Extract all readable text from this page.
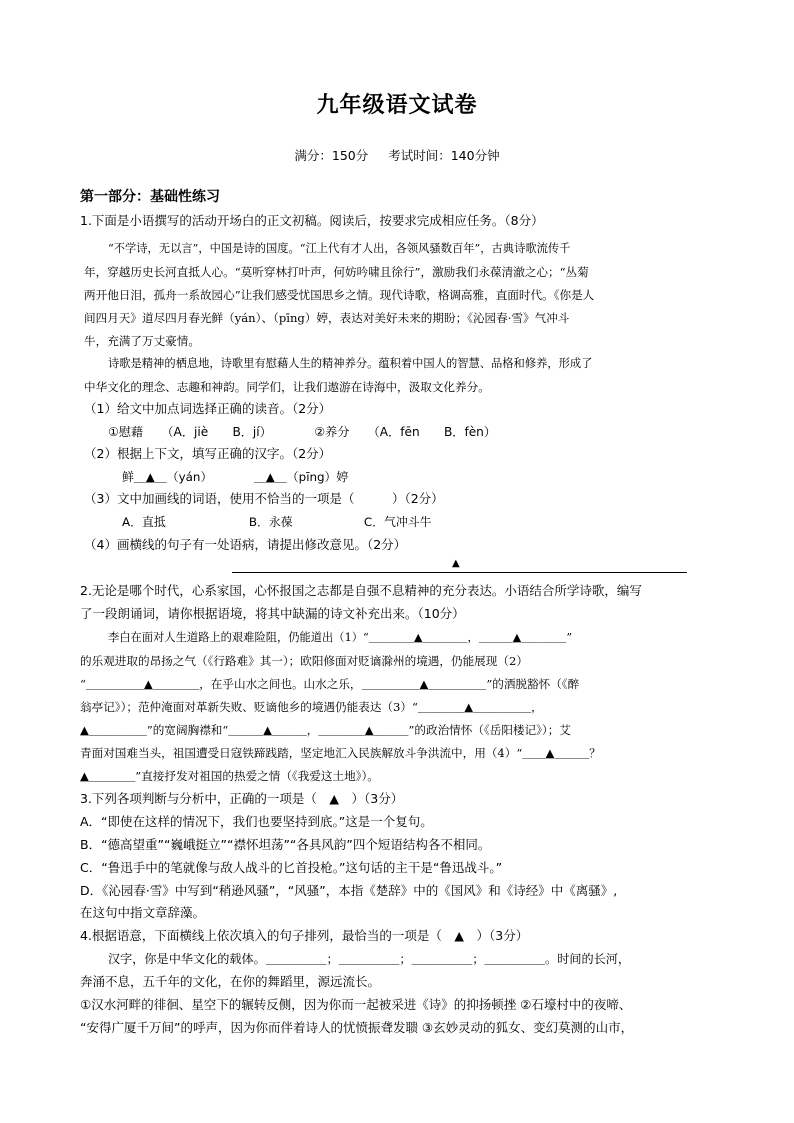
九年级语文试卷
满分：150分 考试时间：140分钟
第一部分：基础性练习
1.下面是小语撰写的活动开场白的正文初稿。阅读后，按要求完成相应任务。（8分）
“不学诗，无以言”，中国是诗的国度。“江上代有才人出，各领风骚数百年”，古典诗歌流传千
年，穿越历史长河直抵人心。“莫听穿林打叶声，何妨吟啸且徐行”，激励我们永葆清澈之心；“丛菊
两开他日泪，孤舟一系故园心”让我们感受忧国思乡之情。现代诗歌，格调高雅，直面时代。《你是人
间四月天》道尽四月春光鲜（yán）、（pīng）婷，表达对美好未来的期盼；《沁园春·雪》气冲斗
牛，充满了万丈豪情。
诗歌是精神的栖息地，诗歌里有慰藉人生的精神养分。蕴积着中国人的智慧、品格和修养，形成了
中华文化的理念、志趣和神韵。同学们，让我们遨游在诗海中，汲取文化养分。
（1）给文中加点词选择正确的读音。（2分）
①慰藉　　（A．jiè　　B．jí）　　　　②养分　　（A．fēn　　B．fèn）
（2）根据上下文，填写正确的汉字。（2分）
鲜＿▲＿（yán）　　　　＿▲＿（pīng）婷
（3）文中加画线的词语，使用不恰当的一项是（　　　）（2分）
A．直抵　　　　　　　B．永葆　　　　　　C．气冲斗牛
（4）画横线的句子有一处语病，请提出修改意见。（2分）
▲
2.无论是哪个时代，心系家国，心怀报国之志都是自强不息精神的充分表达。小语结合所学诗歌，编写
了一段朗诵词，请你根据语境，将其中缺漏的诗文补充出来。（10分）
李白在面对人生道路上的艰难险阻，仍能道出（1）“＿＿＿＿▲＿＿＿＿，＿＿＿▲＿＿＿＿”
的乐观进取的昂扬之气（《行路难》其一）；欧阳修面对贬谪滁州的境遇，仍能展现（2）
“＿＿＿＿＿▲＿＿＿＿，在乎山水之间也。山水之乐，＿＿＿＿＿▲＿＿＿＿＿”的洒脱豁怀（《醉
翁亭记》）；范仲淹面对革新失败、贬谪他乡的境遇仍能表达（3）“＿＿＿＿▲＿＿＿＿＿，
▲＿＿＿＿＿”的宽阔胸襟和“＿＿＿▲＿＿＿，＿＿＿＿▲＿＿＿”的政治情怀（《岳阳楼记》）；艾
青面对国难当头，祖国遭受日寇铁蹄践踏，坚定地汇入民族解放斗争洪流中，用（4）“＿＿▲＿＿＿？
▲＿＿＿＿”直接抒发对祖国的热爱之情（《我爱这土地》）。
3.下列各项判断与分析中，正确的一项是（　▲　）（3分）
A．“即使在这样的情况下，我们也要坚持到底。”这是一个复句。
B．“德高望重”“巍峨挺立”“襟怀坦荡”“各具风韵”四个短语结构各不相同。
C．“鲁迅手中的笔就像与敌人战斗的匕首投枪。”这句话的主干是“鲁迅战斗。”
D．《沁园春·雪》中写到“稍逊风骚”，“风骚”，本指《楚辞》中的《国风》和《诗经》中《离骚》,
在这句中指文章辞藻。
4.根据语意，下面横线上依次填入的句子排列，最恰当的一项是（　▲　）（3分）
汉字，你是中华文化的载体。＿＿＿＿＿；＿＿＿＿＿；＿＿＿＿＿；＿＿＿＿＿。时间的长河，
奔涌不息，五千年的文化，在你的舞蹈里，源远流长。
①汉水河畔的徘徊、星空下的辗转反侧，因为你而一起被采进《诗》的抑扬顿挫 ②石壕村中的夜啼、
“安得广厦千万间”的呼声，因为你而伴着诗人的忧愤振聋发聩 ③玄妙灵动的狐女、变幻莫测的山市，
